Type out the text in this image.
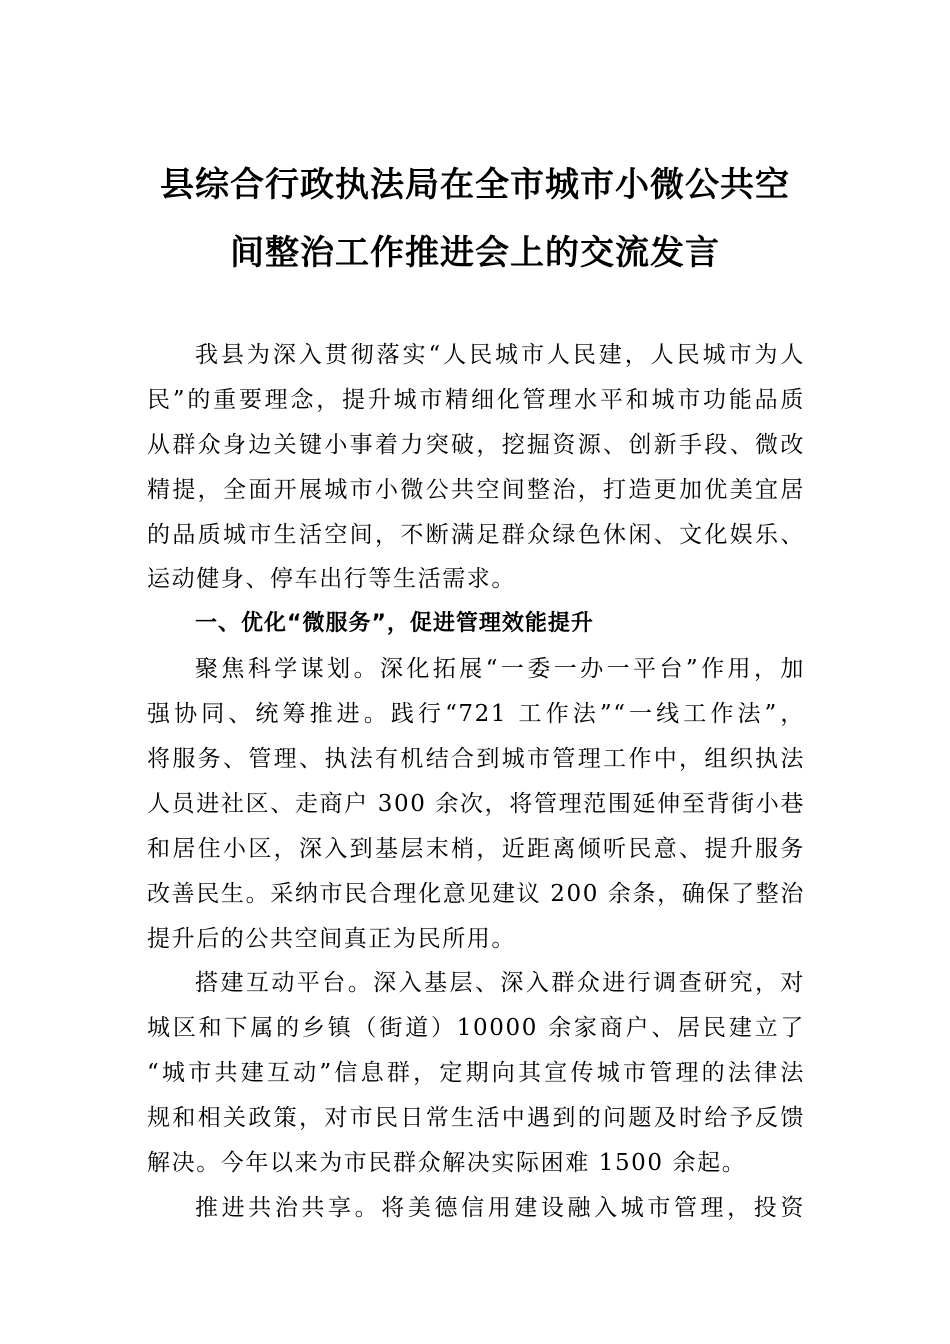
县综合行政执法局在全市城市小微公共空
间整治工作推进会上的交流发言
我县为深入贯彻落实“人民城市人民建，人民城市为人
民”的重要理念，提升城市精细化管理水平和城市功能品质
从群众身边关键小事着力突破，挖掘资源、创新手段、微改
精提，全面开展城市小微公共空间整治，打造更加优美宜居
的品质城市生活空间，不断满足群众绿色休闲、文化娱乐、
运动健身、停车出行等生活需求。
一、优化“微服务”，促进管理效能提升
聚焦科学谋划。深化拓展“一委一办一平台”作用，加
强协同、统筹推进。践行“721 工作法”“一线工作法”，
将服务、管理、执法有机结合到城市管理工作中，组织执法
人员进社区、走商户 300 余次，将管理范围延伸至背街小巷
和居住小区，深入到基层末梢，近距离倾听民意、提升服务
改善民生。采纳市民合理化意见建议 200 余条，确保了整治
提升后的公共空间真正为民所用。
搭建互动平台。深入基层、深入群众进行调查研究，对
城区和下属的乡镇（街道）10000 余家商户、居民建立了
“城市共建互动”信息群，定期向其宣传城市管理的法律法
规和相关政策，对市民日常生活中遇到的问题及时给予反馈
解决。今年以来为市民群众解决实际困难 1500 余起。
推进共治共享。将美德信用建设融入城市管理，投资
